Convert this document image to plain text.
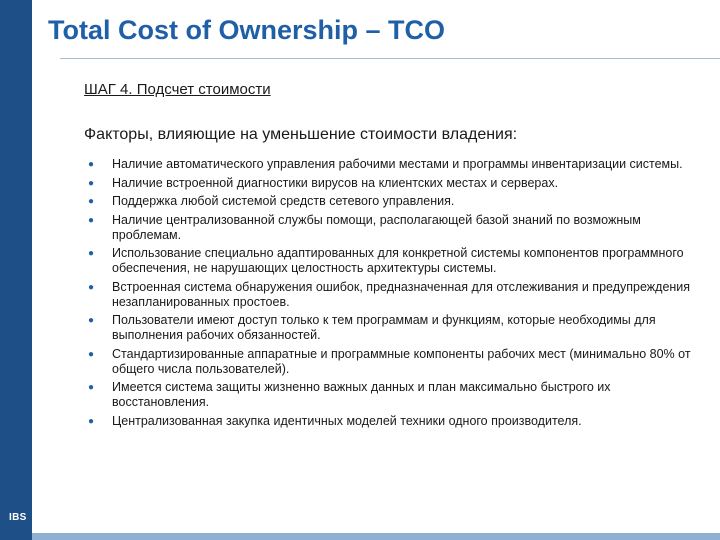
IBS
Total Cost of Ownership – TCO
ШАГ 4. Подсчет стоимости
Факторы, влияющие на уменьшение стоимости владения:
● Наличие автоматического управления рабочими местами и программы инвентаризации системы.
● Наличие встроенной диагностики вирусов на клиентских местах и серверах.
● Поддержка любой системой средств сетевого управления.
● Наличие централизованной службы помощи, располагающей базой знаний по возможным проблемам.
● Использование специально адаптированных для конкретной системы компонентов программного обеспечения, не нарушающих целостность архитектуры системы.
● Встроенная система обнаружения ошибок, предназначенная для отслеживания и предупреждения незапланированных простоев.
● Пользователи имеют доступ только к тем программам и функциям, которые необходимы для выполнения рабочих обязанностей.
● Стандартизированные аппаратные и программные компоненты рабочих мест (минимально 80% от общего числа пользователей).
● Имеется система защиты жизненно важных данных и план максимально быстрого их восстановления.
● Централизованная закупка идентичных моделей техники одного производителя.
